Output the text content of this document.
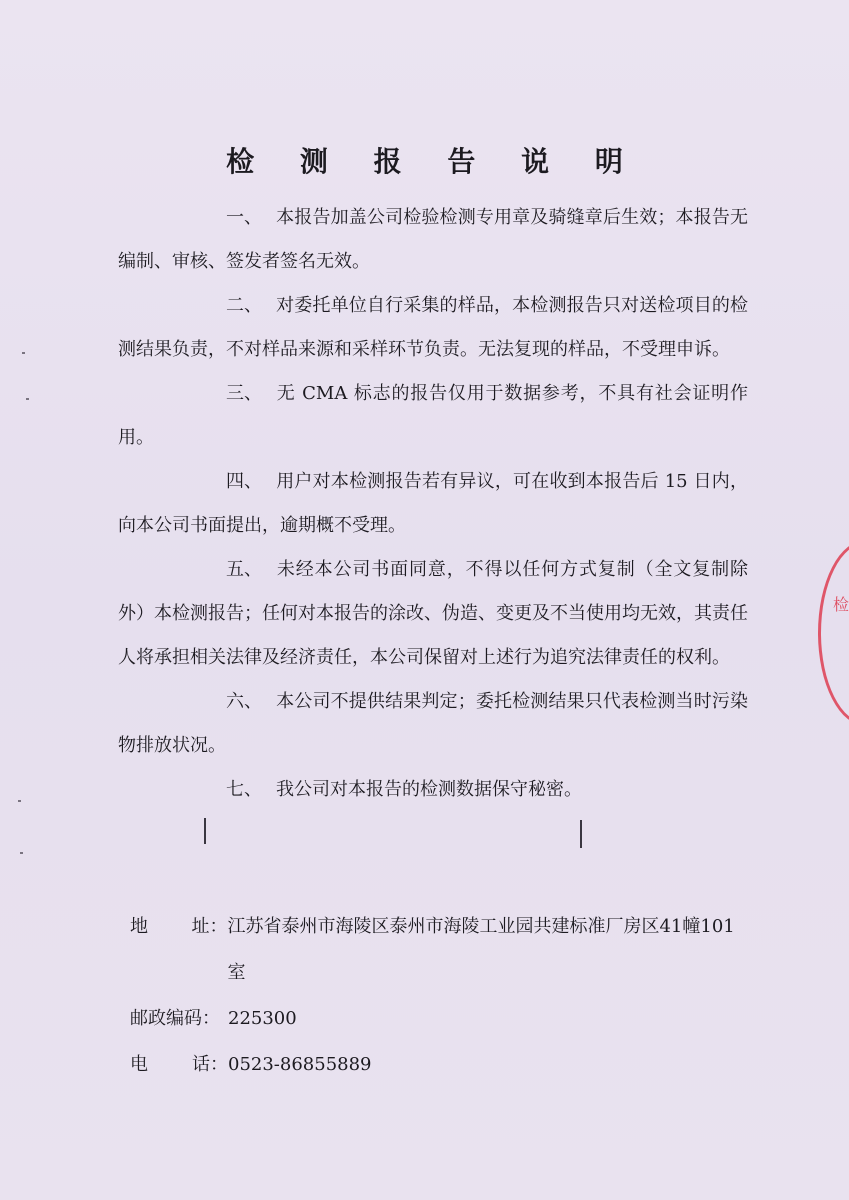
检 测 报 告 说 明

一、 本报告加盖公司检验检测专用章及骑缝章后生效；本报告无编制、审核、签发者签名无效。

二、 对委托单位自行采集的样品，本检测报告只对送检项目的检测结果负责，不对样品来源和采样环节负责。无法复现的样品，不受理申诉。

三、 无 CMA 标志的报告仅用于数据参考，不具有社会证明作用。

四、 用户对本检测报告若有异议，可在收到本报告后 15 日内，向本公司书面提出，逾期概不受理。

五、 未经本公司书面同意，不得以任何方式复制（全文复制除外）本检测报告；任何对本报告的涂改、伪造、变更及不当使用均无效，其责任人将承担相关法律及经济责任，本公司保留对上述行为追究法律责任的权利。

六、 本公司不提供结果判定；委托检测结果只代表检测当时污染物排放状况。

七、 我公司对本报告的检测数据保守秘密。

地 址： 江苏省泰州市海陵区泰州市海陵工业园共建标准厂房区41幢101室
邮政编码： 225300
电 话： 0523-86855889
检
